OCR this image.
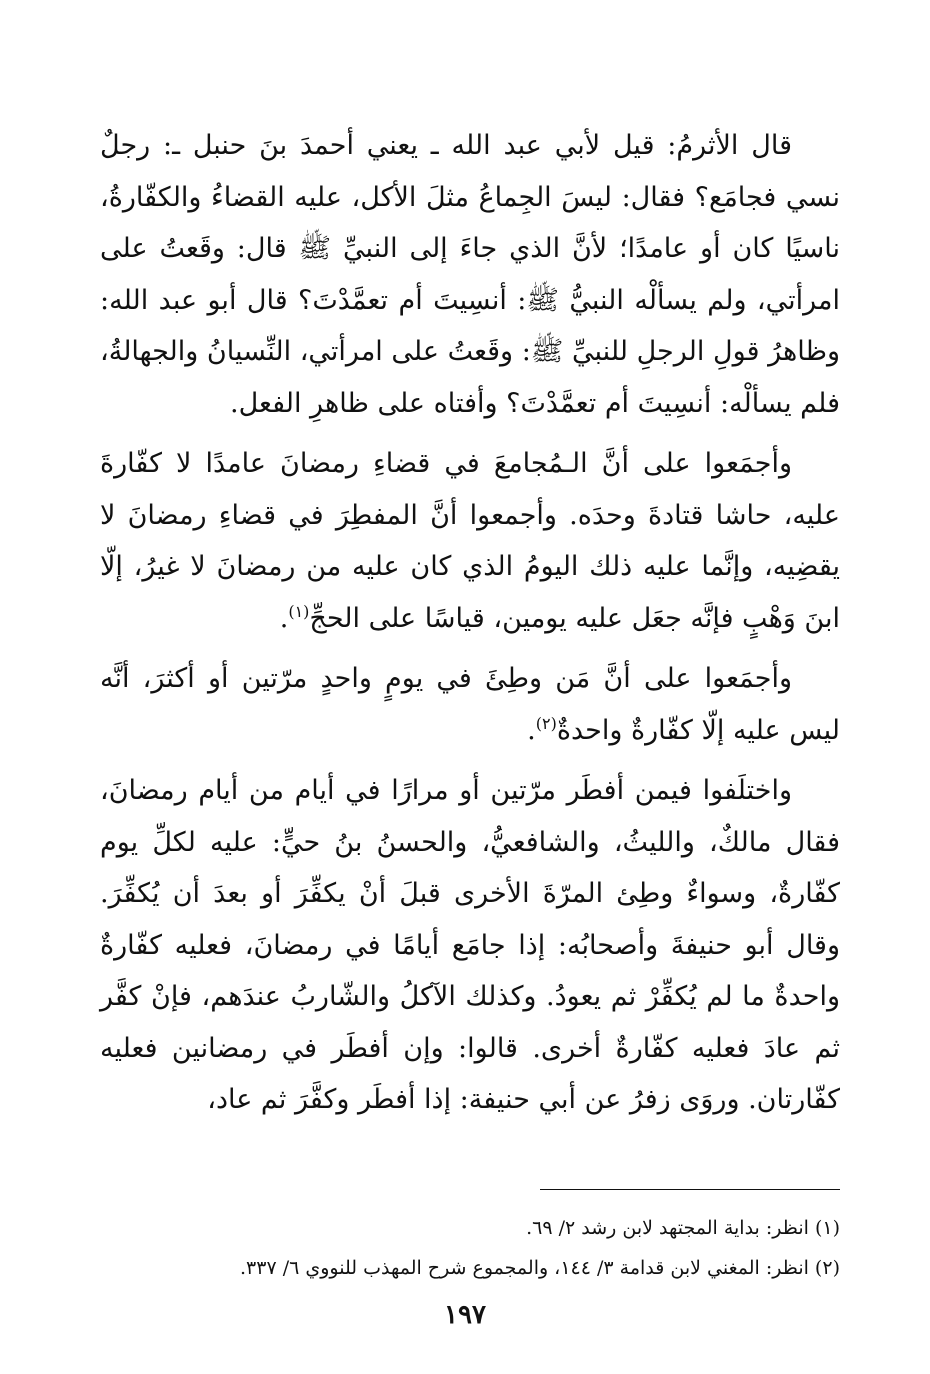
قال الأثرمُ: قيل لأبي عبد الله ـ يعني أحمدَ بنَ حنبل ـ: رجلٌ نسي فجامَع؟ فقال: ليسَ الجِماعُ مثلَ الأكل، عليه القضاءُ والكفّارةُ، ناسيًا كان أو عامدًا؛ لأنَّ الذي جاءَ إلى النبيِّ ﷺ قال: وقَعتُ على امرأتي، ولم يسألْه النبيُّ ﷺ: أنسِيتَ أم تعمَّدْتَ؟ قال أبو عبد الله: وظاهرُ قولِ الرجلِ للنبيِّ ﷺ: وقَعتُ على امرأتي، النِّسيانُ والجهالةُ، فلم يسألْه: أنسِيتَ أم تعمَّدْتَ؟ وأفتاه على ظاهرِ الفعل.

وأجمَعوا على أنَّ الـمُجامعَ في قضاءِ رمضانَ عامدًا لا كفّارةَ عليه، حاشا قتادةَ وحدَه. وأجمعوا أنَّ المفطِرَ في قضاءِ رمضانَ لا يقضِيه، وإنَّما عليه ذلك اليومُ الذي كان عليه من رمضانَ لا غيرُ، إلّا ابنَ وَهْبٍ فإنَّه جعَل عليه يومين، قياسًا على الحجِّ$^{(١)}$.

وأجمَعوا على أنَّ مَن وطِئَ في يومٍ واحدٍ مرّتين أو أكثرَ، أنَّه ليس عليه إلّا كفّارةٌ واحدةٌ$^{(٢)}$.

واختلَفوا فيمن أفطَر مرّتين أو مرارًا في أيام من أيام رمضانَ، فقال مالكٌ، والليثُ، والشافعيُّ، والحسنُ بنُ حيٍّ: عليه لكلِّ يوم كفّارةٌ، وسواءٌ وطِئ المرّةَ الأخرى قبلَ أنْ يكفِّرَ أو بعدَ أن يُكفِّرَ. وقال أبو حنيفةَ وأصحابُه: إذا جامَع أيامًا في رمضانَ، فعليه كفّارةٌ واحدةٌ ما لم يُكفِّرْ ثم يعودُ. وكذلك الآكلُ والشّاربُ عندَهم، فإنْ كفَّر ثم عادَ فعليه كفّارةٌ أخرى. قالوا: وإن أفطَر في رمضانين فعليه كفّارتان. وروَى زفرُ عن أبي حنيفة: إذا أفطَر وكفَّرَ ثم عاد،

(١) انظر: بداية المجتهد لابن رشد ٢/ ٦٩.
(٢) انظر: المغني لابن قدامة ٣/ ١٤٤، والمجموع شرح المهذب للنووي ٦/ ٣٣٧.
١٩٧
